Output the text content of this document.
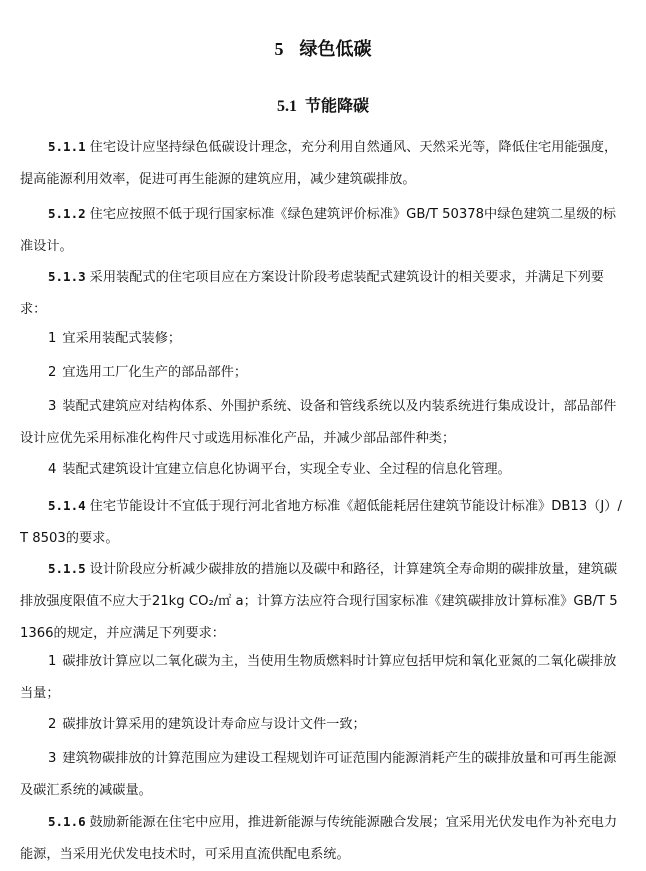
5 绿色低碳
5.1 节能降碳
5.1.1 住宅设计应坚持绿色低碳设计理念，充分利用自然通风、天然采光等，降低住宅用能强度，提高能源利用效率，促进可再生能源的建筑应用，减少建筑碳排放。
5.1.2 住宅应按照不低于现行国家标准《绿色建筑评价标准》GB/T 50378中绿色建筑二星级的标准设计。
5.1.3 采用装配式的住宅项目应在方案设计阶段考虑装配式建筑设计的相关要求，并满足下列要求：
1 宜采用装配式装修；
2 宜选用工厂化生产的部品部件；
3 装配式建筑应对结构体系、外围护系统、设备和管线系统以及内装系统进行集成设计，部品部件设计应优先采用标准化构件尺寸或选用标准化产品，并减少部品部件种类；
4 装配式建筑设计宜建立信息化协调平台，实现全专业、全过程的信息化管理。
5.1.4 住宅节能设计不宜低于现行河北省地方标准《超低能耗居住建筑节能设计标准》DB13（J）/T 8503的要求。
5.1.5 设计阶段应分析减少碳排放的措施以及碳中和路径，计算建筑全寿命期的碳排放量，建筑碳排放强度限值不应大于21kg CO₂/㎡ a；计算方法应符合现行国家标准《建筑碳排放计算标准》GB/T 51366的规定，并应满足下列要求：
1 碳排放计算应以二氧化碳为主，当使用生物质燃料时计算应包括甲烷和氧化亚氮的二氧化碳排放当量；
2 碳排放计算采用的建筑设计寿命应与设计文件一致；
3 建筑物碳排放的计算范围应为建设工程规划许可证范围内能源消耗产生的碳排放量和可再生能源及碳汇系统的减碳量。
5.1.6 鼓励新能源在住宅中应用，推进新能源与传统能源融合发展；宜采用光伏发电作为补充电力能源，当采用光伏发电技术时，可采用直流供配电系统。
